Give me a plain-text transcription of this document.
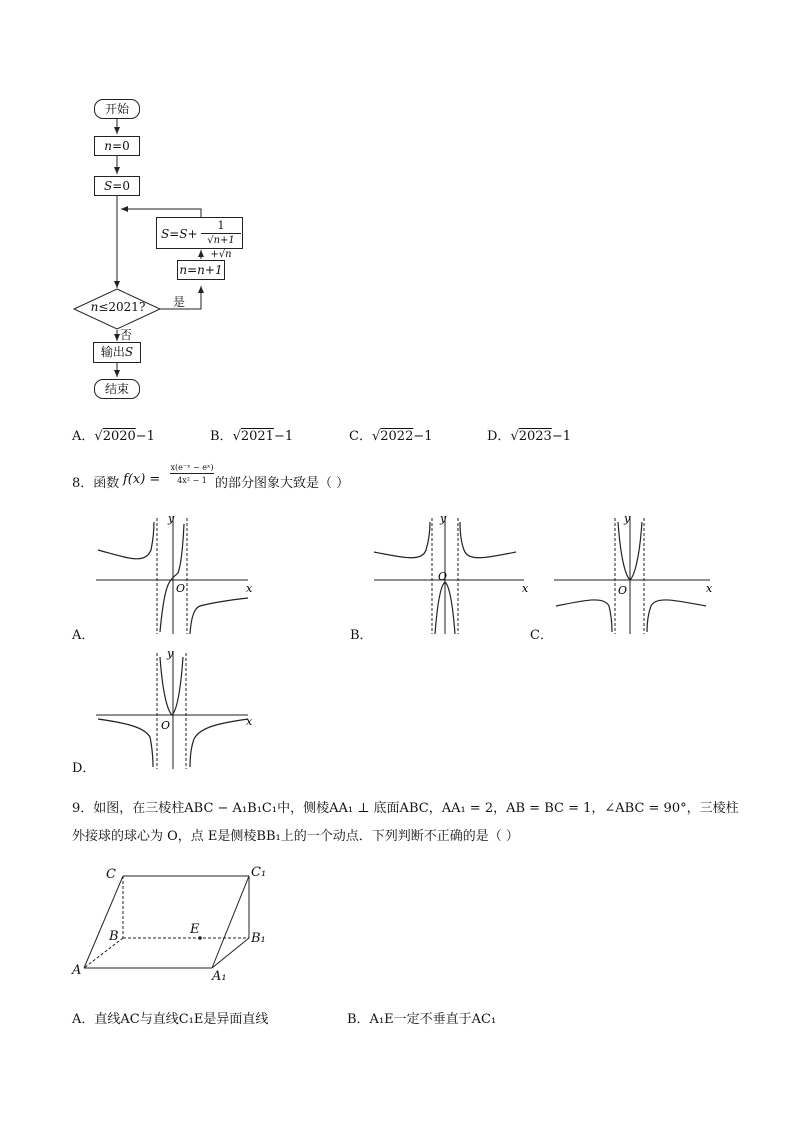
开始
n=0
S=0
S=S+
1
√n+1 +√n
n=n+1
n≤2021? 是
否
输出S
结束
A．√2020−1	B．√2021−1	C．√2022−1	D．√2023−1
8．函数 f(x) =
x(e⁻ˣ − eˣ)
4x² − 1 的部分图象大致是（ ）
y
x
O
A．
y
x
O
B．
y
x
O
C．
y
x
O
D．
9．如图，在三棱柱ABC − A₁B₁C₁中，侧棱AA₁ ⊥ 底面ABC，AA₁ = 2，AB = BC = 1，∠ABC = 90°，三棱柱
外接球的球心为 O，点 E是侧棱BB₁上的一个动点．下列判断不正确的是（ ）
C	C₁
B	B₁
E
A	A₁
A．直线AC与直线C₁E是异面直线	B．A₁E一定不垂直于AC₁
